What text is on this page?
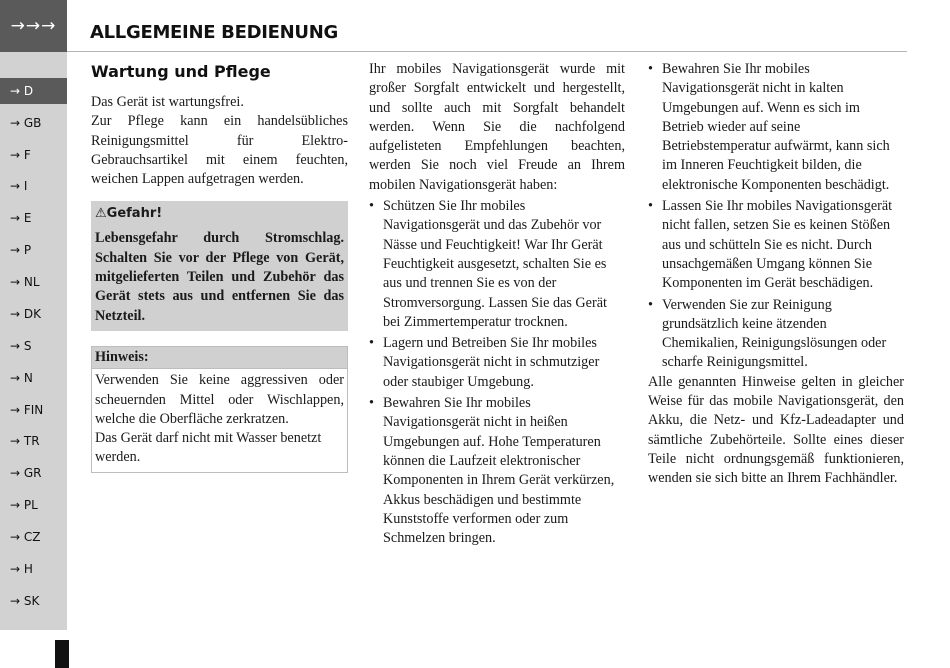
→→→
→ D
→ GB
→ F
→ I
→ E
→ P
→ NL
→ DK
→ S
→ N
→ FIN
→ TR
→ GR
→ PL
→ CZ
→ H
→ SK
ALLGEMEINE BEDIENUNG
Wartung und Pflege
Das Gerät ist wartungsfrei.
Zur Pflege kann ein handelsübliches Reinigungsmittel für Elektro-Gebrauchsartikel mit einem feuchten, weichen Lappen aufgetragen werden.
⚠Gefahr!
Lebensgefahr durch Stromschlag. Schalten Sie vor der Pflege von Gerät, mitgelieferten Teilen und Zubehör das Gerät stets aus und entfernen Sie das Netzteil.
Hinweis:
Verwenden Sie keine aggressiven oder scheuernden Mittel oder Wischlappen, welche die Oberfläche zerkratzen.
Das Gerät darf nicht mit Wasser benetzt werden.
Ihr mobiles Navigationsgerät wurde mit großer Sorgfalt entwickelt und hergestellt, und sollte auch mit Sorgfalt behandelt werden. Wenn Sie die nachfolgend aufgelisteten Empfehlungen beachten, werden Sie noch viel Freude an Ihrem mobilen Navigationsgerät haben:
• Schützen Sie Ihr mobiles Navigationsgerät und das Zubehör vor Nässe und Feuchtigkeit! War Ihr Gerät Feuchtigkeit ausgesetzt, schalten Sie es aus und trennen Sie es von der Stromversorgung. Lassen Sie das Gerät bei Zimmertemperatur trocknen.
• Lagern und Betreiben Sie Ihr mobiles Navigationsgerät nicht in schmutziger oder staubiger Umgebung.
• Bewahren Sie Ihr mobiles Navigationsgerät nicht in heißen Umgebungen auf. Hohe Temperaturen können die Laufzeit elektronischer Komponenten in Ihrem Gerät verkürzen, Akkus beschädigen und bestimmte Kunststoffe verformen oder zum Schmelzen bringen.
• Bewahren Sie Ihr mobiles Navigationsgerät nicht in kalten Umgebungen auf. Wenn es sich im Betrieb wieder auf seine Betriebstemperatur aufwärmt, kann sich im Inneren Feuchtigkeit bilden, die elektronische Komponenten beschädigt.
• Lassen Sie Ihr mobiles Navigationsgerät nicht fallen, setzen Sie es keinen Stößen aus und schütteln Sie es nicht. Durch unsachgemäßen Umgang können Sie Komponenten im Gerät beschädigen.
• Verwenden Sie zur Reinigung grundsätzlich keine ätzenden Chemikalien, Reinigungslösungen oder scharfe Reinigungsmittel.
Alle genannten Hinweise gelten in gleicher Weise für das mobile Navigationsgerät, den Akku, die Netz- und Kfz-Ladeadapter und sämtliche Zubehörteile. Sollte eines dieser Teile nicht ordnungsgemäß funktionieren, wenden sie sich bitte an Ihrem Fachhändler.
